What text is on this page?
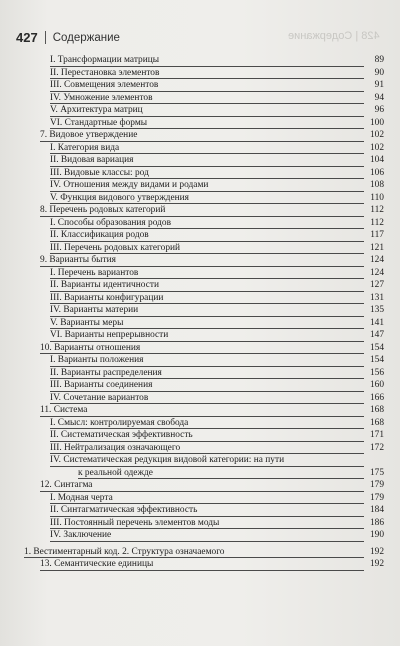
427 Содержание	428 | Содержание
I. Трансформации матрицы	89
II. Перестановка элементов	90
III. Совмещения элементов	91
IV. Умножение элементов	94
V. Архитектура матриц	96
VI. Стандартные формы	100
7. Видовое утверждение	102
I. Категория вида	102
II. Видовая вариация	104
III. Видовые классы: род	106
IV. Отношения между видами и родами	108
V. Функция видового утверждения	110
8. Перечень родовых категорий	112
I. Способы образования родов	112
II. Классификация родов	117
III. Перечень родовых категорий	121
9. Варианты бытия	124
I. Перечень вариантов	124
II. Варианты идентичности	127
III. Варианты конфигурации	131
IV. Варианты материи	135
V. Варианты меры	141
VI. Варианты непрерывности	147
10. Варианты отношения	154
I. Варианты положения	154
II. Варианты распределения	156
III. Варианты соединения	160
IV. Сочетание вариантов	166
11. Система	168
I. Смысл: контролируемая свобода	168
II. Систематическая эффективность	171
III. Нейтрализация означающего	172
IV. Систематическая редукция видовой категории: на пути
к реальной одежде	175
12. Синтагма	179
I. Модная черта	179
II. Синтагматическая эффективность	184
III. Постоянный перечень элементов моды	186
IV. Заключение	190
1. Вестиментарный код. 2. Структура означаемого	192
13. Семантические единицы	192
